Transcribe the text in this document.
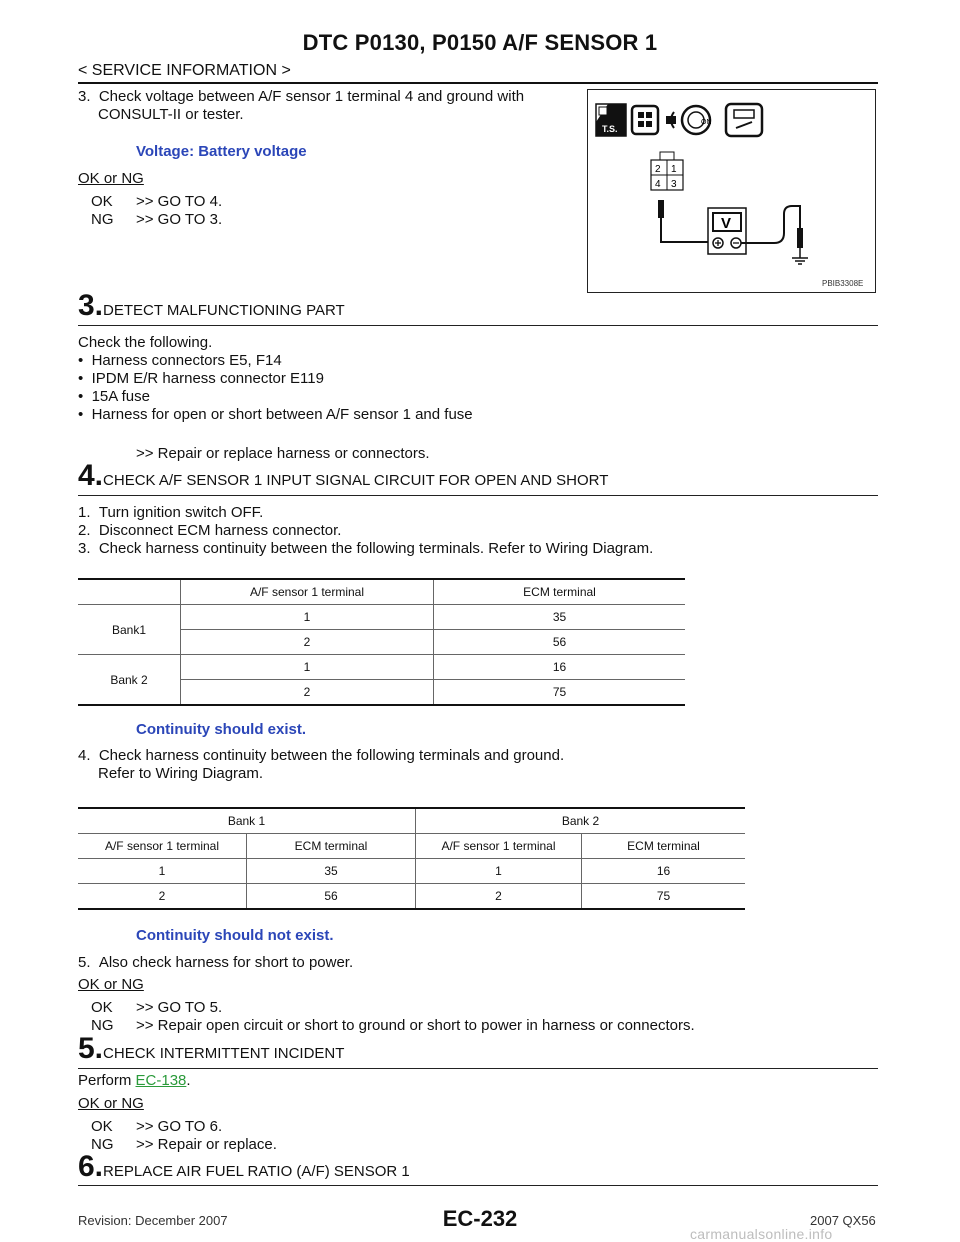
DTC P0130, P0150 A/F SENSOR 1
< SERVICE INFORMATION >
3.  Check voltage between A/F sensor 1 terminal 4 and ground with
CONSULT-II or tester.
Voltage: Battery voltage
OK or NG
OK >> GO TO 4.
NG >> GO TO 3.
T.S.
ON
2 1
4 3
V
PBIB3308E
3. DETECT MALFUNCTIONING PART
Check the following.
•  Harness connectors E5, F14
•  IPDM E/R harness connector E119
•  15A fuse
•  Harness for open or short between A/F sensor 1 and fuse
>> Repair or replace harness or connectors.
4. CHECK A/F SENSOR 1 INPUT SIGNAL CIRCUIT FOR OPEN AND SHORT
1.  Turn ignition switch OFF.
2.  Disconnect ECM harness connector.
3.  Check harness continuity between the following terminals. Refer to Wiring Diagram.
	A/F sensor 1 terminal	ECM terminal
Bank1	1	35
	2	56
Bank 2	1	16
	2	75
Continuity should exist.
4.  Check harness continuity between the following terminals and ground.
Refer to Wiring Diagram.
Bank 1		Bank 2	
A/F sensor 1 terminal	ECM terminal	A/F sensor 1 terminal	ECM terminal
1	35	1	16
2	56	2	75
Continuity should not exist.
5.  Also check harness for short to power.
OK or NG
OK >> GO TO 5.
NG >> Repair open circuit or short to ground or short to power in harness or connectors.
5. CHECK INTERMITTENT INCIDENT
Perform EC-138.
OK or NG
OK >> GO TO 6.
NG >> Repair or replace.
6. REPLACE AIR FUEL RATIO (A/F) SENSOR 1
Revision: December 2007	EC-232	2007 QX56
carmanualsonline.info
